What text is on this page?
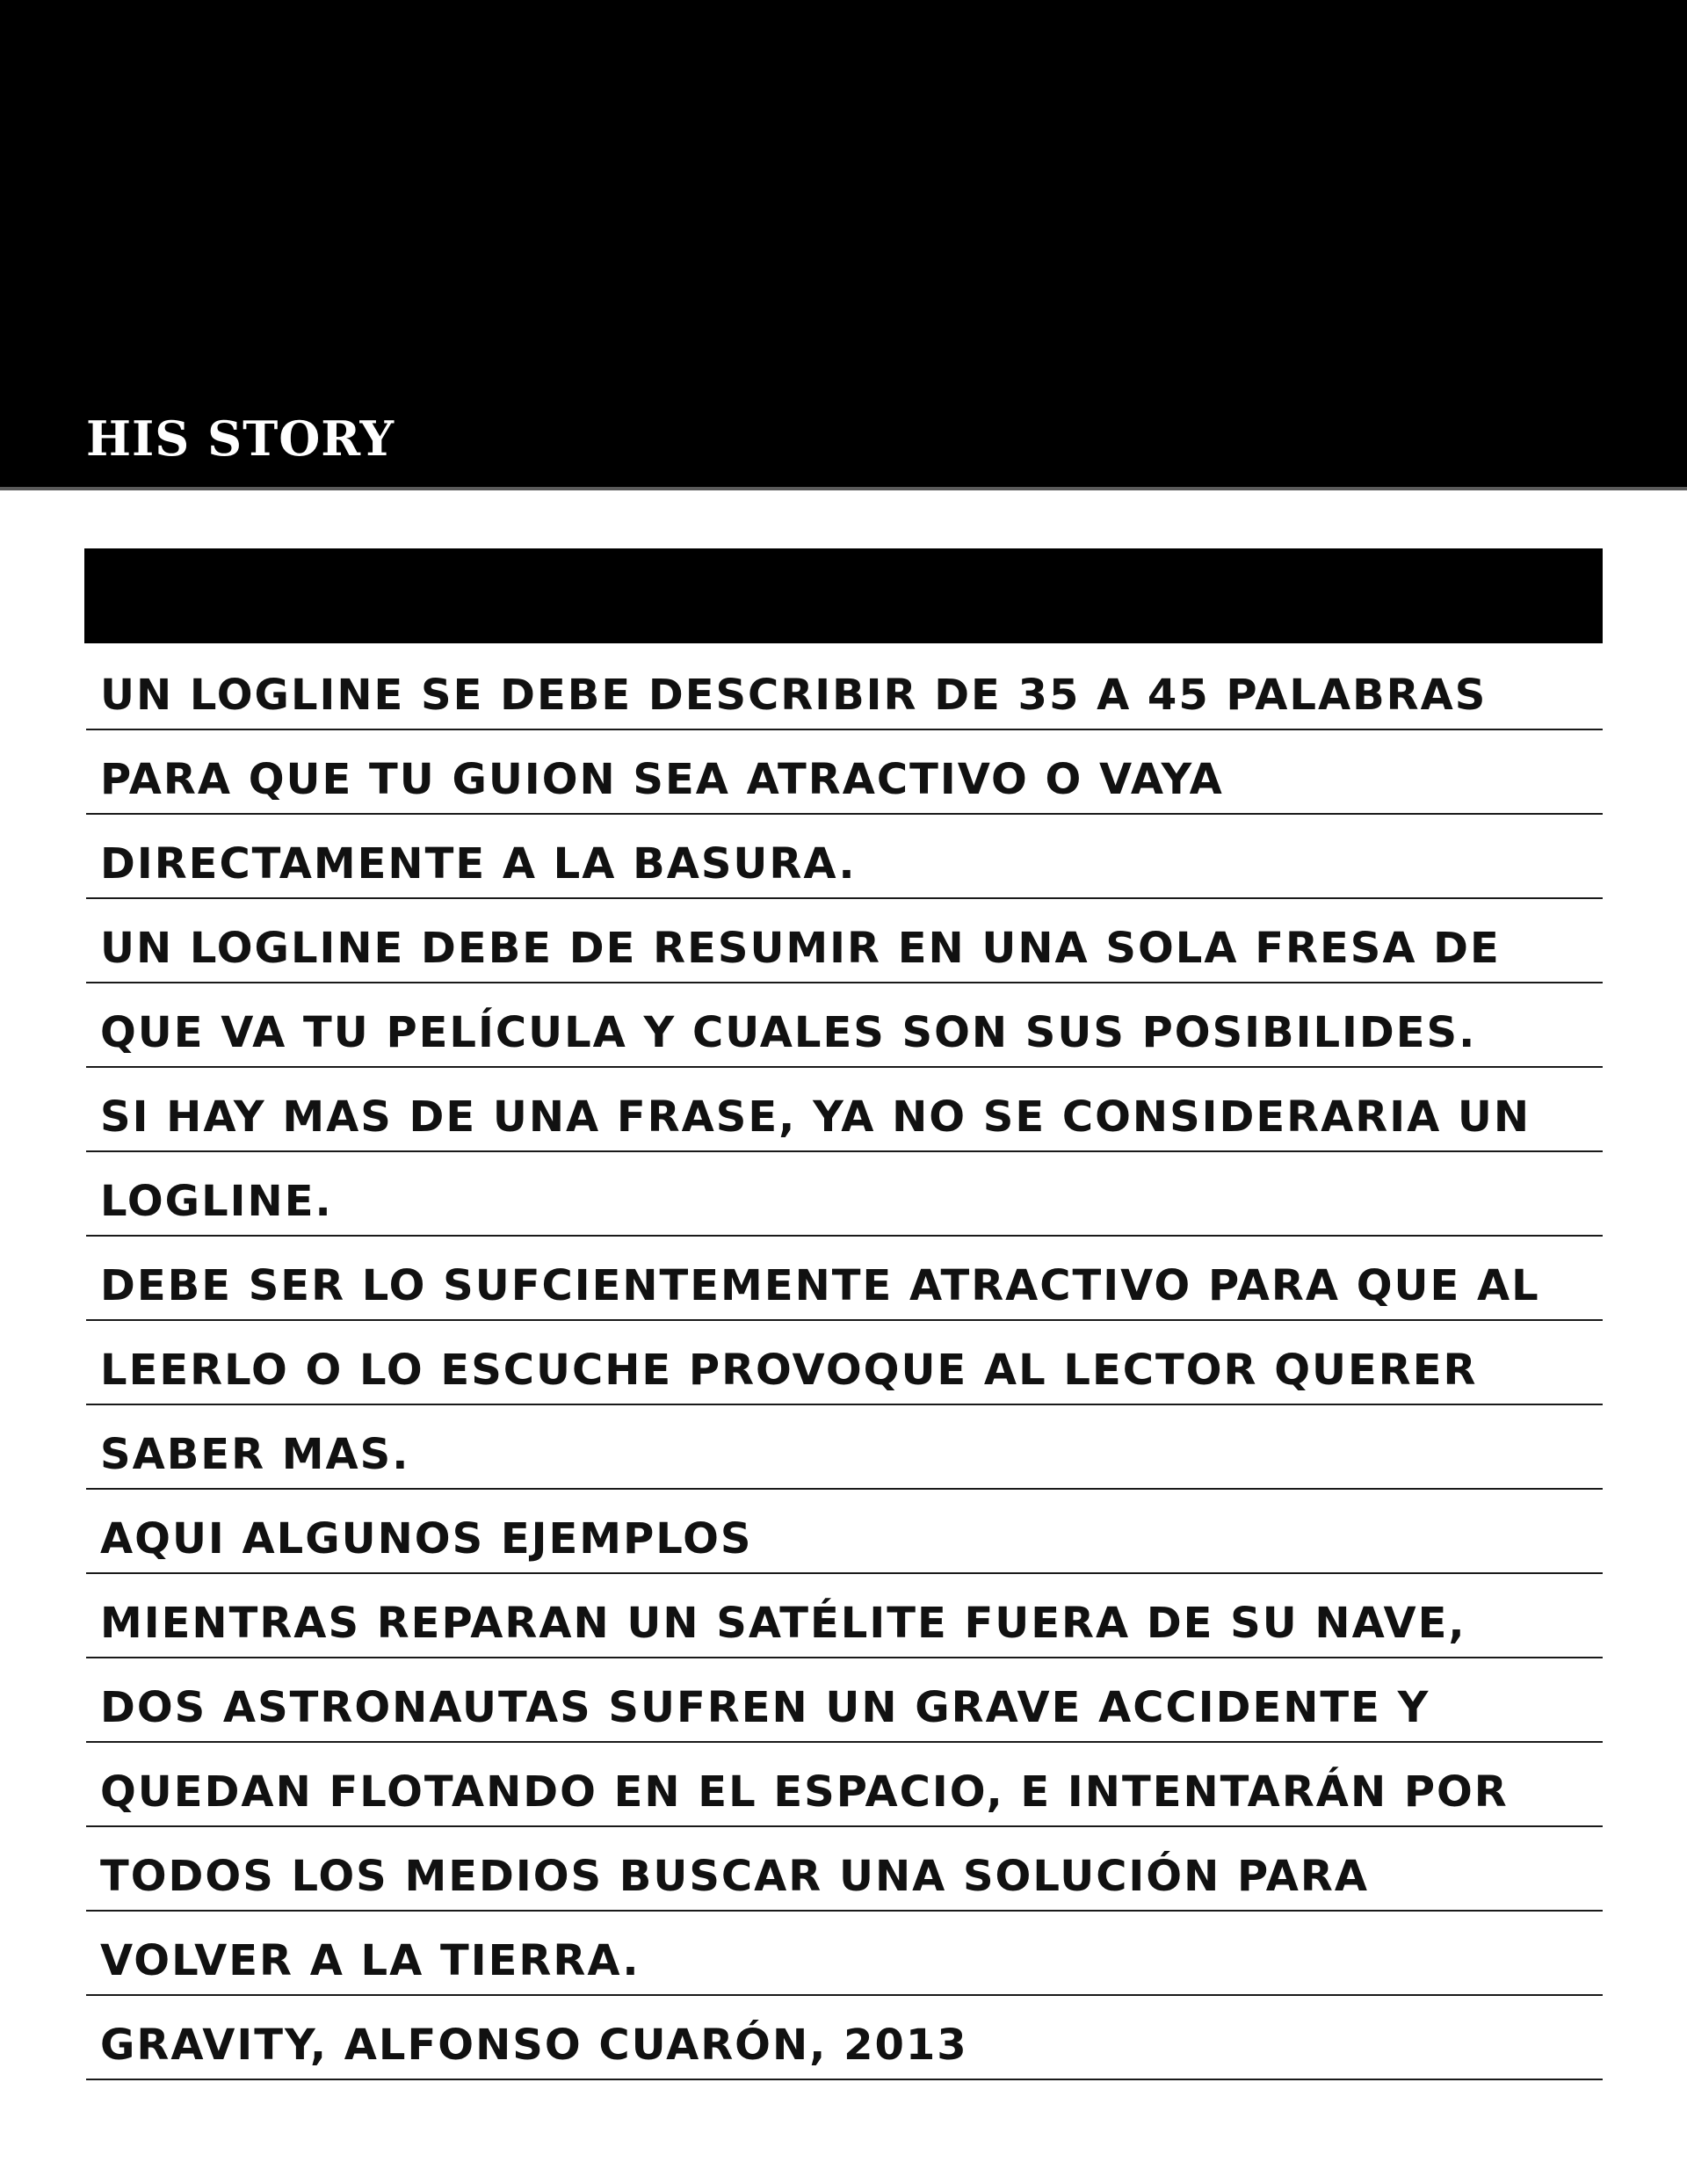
HIS STORY
UN LOGLINE SE DEBE DESCRIBIR DE 35 A 45 PALABRAS
PARA QUE TU GUION SEA ATRACTIVO O VAYA
DIRECTAMENTE A LA BASURA.
UN LOGLINE DEBE DE RESUMIR EN UNA SOLA FRESA DE
QUE VA TU PELÍCULA Y CUALES SON SUS POSIBILIDES.
SI HAY MAS DE UNA FRASE, YA NO SE CONSIDERARIA UN
LOGLINE.
DEBE SER LO SUFCIENTEMENTE ATRACTIVO PARA QUE AL
LEERLO O LO ESCUCHE PROVOQUE AL LECTOR QUERER
SABER MAS.
AQUI ALGUNOS EJEMPLOS
MIENTRAS REPARAN UN SATÉLITE FUERA DE SU NAVE,
DOS ASTRONAUTAS SUFREN UN GRAVE ACCIDENTE Y
QUEDAN FLOTANDO EN EL ESPACIO, E INTENTARÁN POR
TODOS LOS MEDIOS BUSCAR UNA SOLUCIÓN PARA
VOLVER A LA TIERRA.
GRAVITY, ALFONSO CUARÓN, 2013
